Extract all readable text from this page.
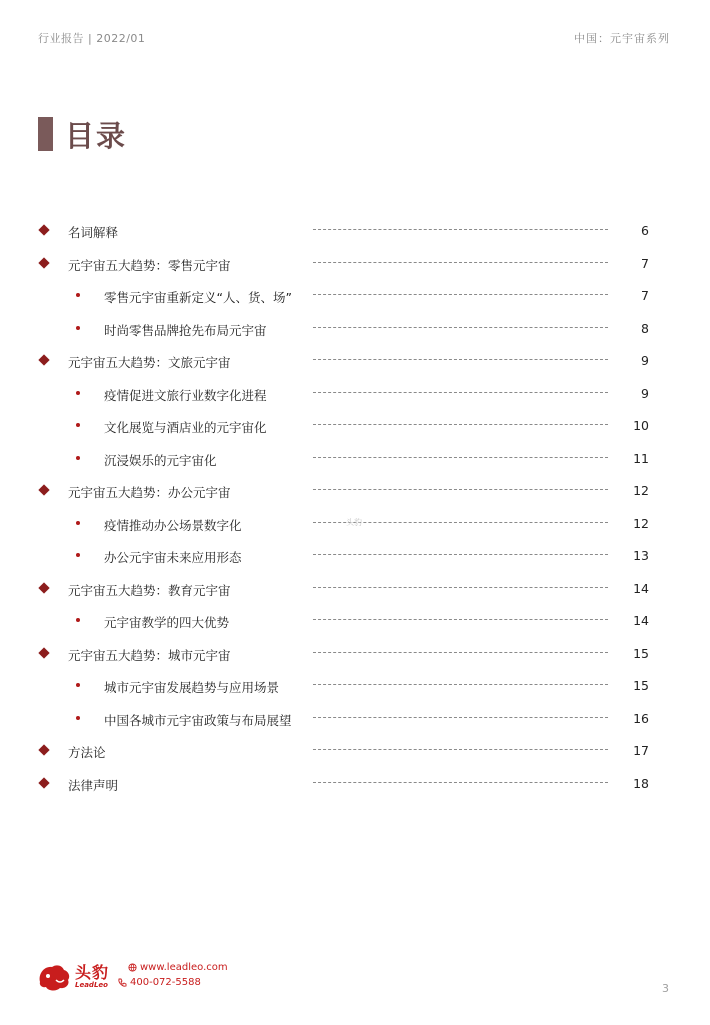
行业报告 | 2022/01	中国：元宇宙系列
目录
名词解释	6
元宇宙五大趋势：零售元宇宙	7
零售元宇宙重新定义“人、货、场”	7
时尚零售品牌抢先布局元宇宙	8
元宇宙五大趋势：文旅元宇宙	9
疫情促进文旅行业数字化进程	9
文化展览与酒店业的元宇宙化	10
沉浸娱乐的元宇宙化	11
元宇宙五大趋势：办公元宇宙	12
疫情推动办公场景数字化	12
办公元宇宙未来应用形态	13
元宇宙五大趋势：教育元宇宙	14
元宇宙教学的四大优势	14
元宇宙五大趋势：城市元宇宙	15
城市元宇宙发展趋势与应用场景	15
中国各城市元宇宙政策与布局展望	16
方法论	17
法律声明	18
头豹
头豹
LeadLeo
www.leadleo.com
400-072-5588	3
